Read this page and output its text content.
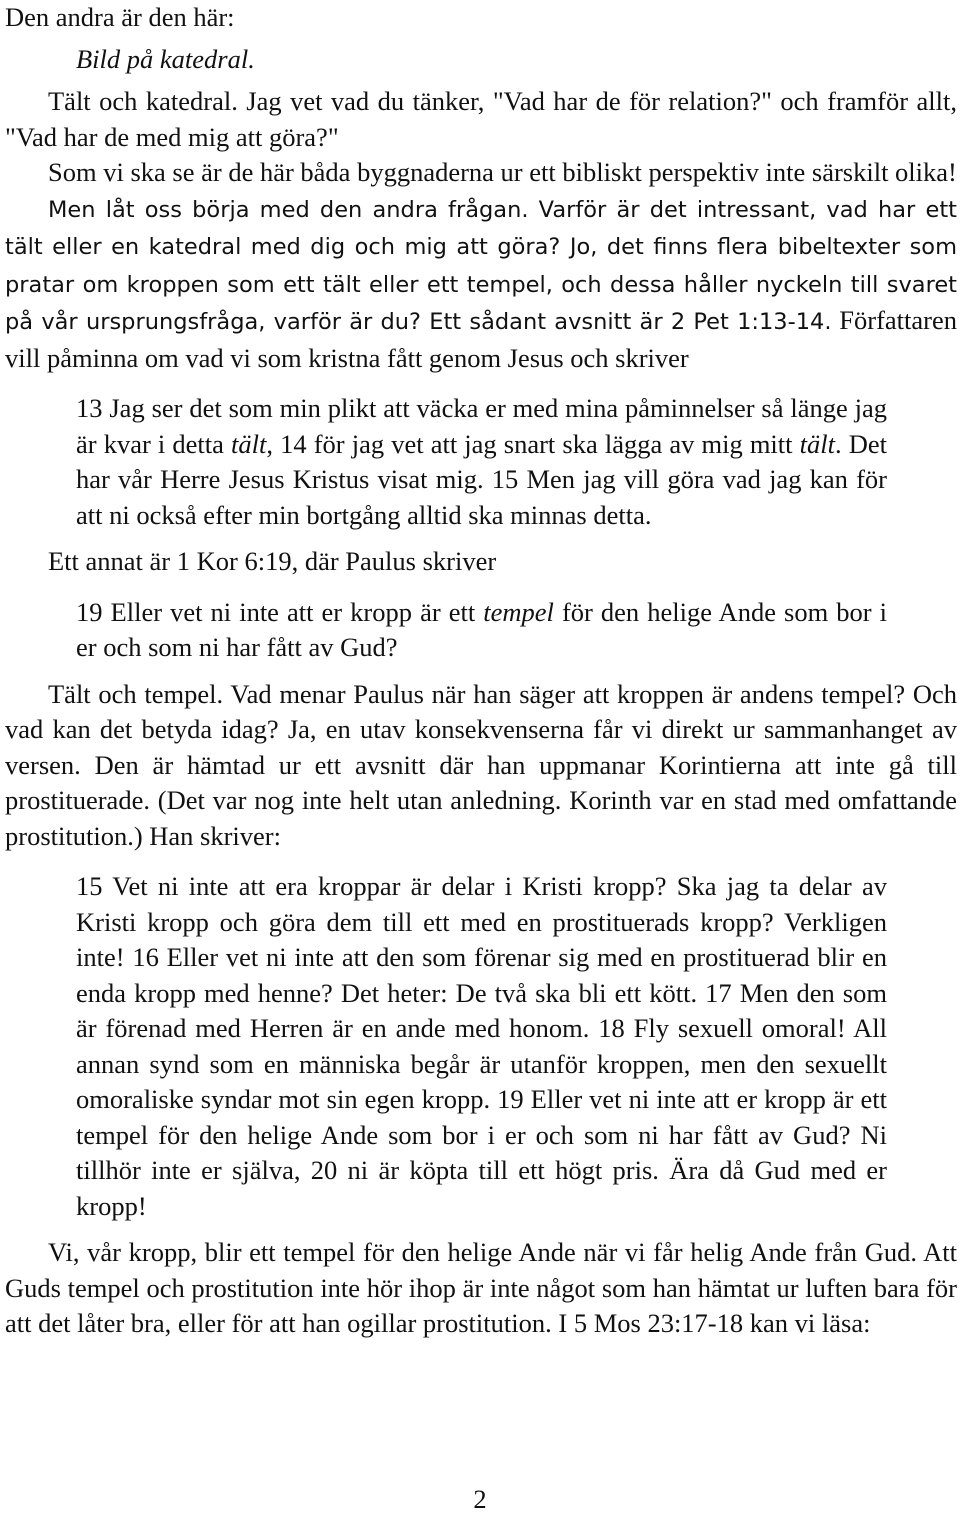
Den andra är den här:

Bild på katedral.

Tält och katedral. Jag vet vad du tänker, "Vad har de för relation?" och framför allt, "Vad har de med mig att göra?"

Som vi ska se är de här båda byggnaderna ur ett bibliskt perspektiv inte särskilt olika!

Men låt oss börja med den andra frågan. Varför är det intressant, vad har ett tält eller en katedral med dig och mig att göra? Jo, det finns flera bibeltexter som pratar om kroppen som ett tält eller ett tempel, och dessa håller nyckeln till svaret på vår ursprungsfråga, varför är du? Ett sådant avsnitt är 2 Pet 1:13-14. Författaren vill påminna om vad vi som kristna fått genom Jesus och skriver

13 Jag ser det som min plikt att väcka er med mina påminnelser så länge jag är kvar i detta tält, 14 för jag vet att jag snart ska lägga av mig mitt tält. Det har vår Herre Jesus Kristus visat mig. 15 Men jag vill göra vad jag kan för att ni också efter min bortgång alltid ska minnas detta.

Ett annat är 1 Kor 6:19, där Paulus skriver

19 Eller vet ni inte att er kropp är ett tempel för den helige Ande som bor i er och som ni har fått av Gud?

Tält och tempel. Vad menar Paulus när han säger att kroppen är andens tempel? Och vad kan det betyda idag? Ja, en utav konsekvenserna får vi direkt ur sammanhanget av versen. Den är hämtad ur ett avsnitt där han uppmanar Korintierna att inte gå till prostituerade. (Det var nog inte helt utan anledning. Korinth var en stad med omfattande prostitution.) Han skriver:

15 Vet ni inte att era kroppar är delar i Kristi kropp? Ska jag ta delar av Kristi kropp och göra dem till ett med en prostituerads kropp? Verkligen inte! 16 Eller vet ni inte att den som förenar sig med en prostituerad blir en enda kropp med henne? Det heter: De två ska bli ett kött. 17 Men den som är förenad med Herren är en ande med honom. 18 Fly sexuell omoral! All annan synd som en människa begår är utanför kroppen, men den sexuellt omoraliske syndar mot sin egen kropp. 19 Eller vet ni inte att er kropp är ett tempel för den helige Ande som bor i er och som ni har fått av Gud? Ni tillhör inte er själva, 20 ni är köpta till ett högt pris. Ära då Gud med er kropp!

Vi, vår kropp, blir ett tempel för den helige Ande när vi får helig Ande från Gud. Att Guds tempel och prostitution inte hör ihop är inte något som han hämtat ur luften bara för att det låter bra, eller för att han ogillar prostitution. I 5 Mos 23:17-18 kan vi läsa:

2
